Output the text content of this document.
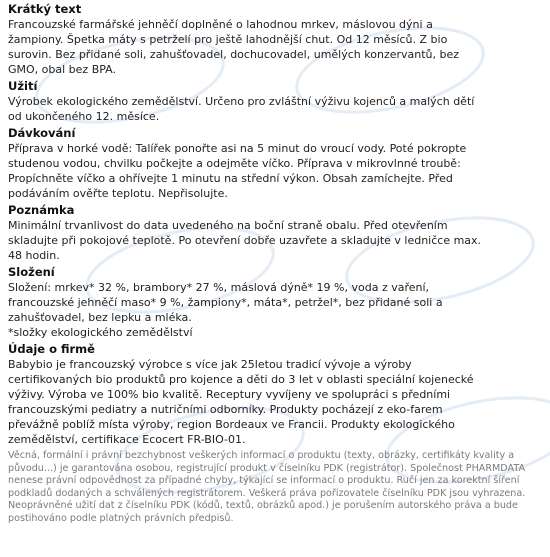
Krátký text
Francouzské farmářské jehněčí doplněné o lahodnou mrkev, máslovou dýni a
žampiony. Špetka máty s petrželí pro ještě lahodnější chut. Od 12 měsíců. Z bio
surovin. Bez přidané soli, zahušťovadel, dochucovadel, umělých konzervantů, bez
GMO, obal bez BPA.
Užití
Výrobek ekologického zemědělství. Určeno pro zvláštní výživu kojenců a malých dětí
od ukončeného 12. měsíce.
Dávkování
Příprava v horké vodě: Talířek ponořte asi na 5 minut do vroucí vody. Poté pokropte
studenou vodou, chvilku počkejte a odejměte víčko. Příprava v mikrovlnné troubě:
Propíchněte víčko a ohřívejte 1 minutu na střední výkon. Obsah zamíchejte. Před
podáváním ověřte teplotu. Nepřisolujte.
Poznámka
Minimální trvanlivost do data uvedeného na boční straně obalu. Před otevřením
skladujte při pokojové teplotě. Po otevření dobře uzavřete a skladujte v ledničce max.
48 hodin.
Složení
Složení: mrkev* 32 %, brambory* 27 %, máslová dýně* 19 %, voda z vaření,
francouzské jehněčí maso* 9 %, žampiony*, máta*, petržel*, bez přidané soli a
zahušťovadel, bez lepku a mléka.
*složky ekologického zemědělství
Údaje o firmě
Babybio je francouzský výrobce s více jak 25letou tradicí vývoje a výroby
certifikovaných bio produktů pro kojence a děti do 3 let v oblasti speciální kojenecké
výživy. Výroba ve 100% bio kvalitě. Receptury vyvíjeny ve spolupráci s předními
francouzskými pediatry a nutričními odborníky. Produkty pocházejí z eko-farem
převážně poblíž místa výroby, region Bordeaux ve Francii. Produkty ekologického
zemědělství, certifikace Ecocert FR-BIO-01.
Věcná, formální i právní bezchybnost veškerých informací o produktu (texty, obrázky, certifikáty kvality a
původu...) je garantována osobou, registrující produkt v číselníku PDK (registrátor). Společnost PHARMDATA
nenese právní odpovědnost za případné chyby, týkající se informací o produktu. Ručí jen za korektní šíření
podkladů dodaných a schválených registrátorem. Veškerá práva pořizovatele číselníku PDK jsou vyhrazena.
Neoprávněné užití dat z číselníku PDK (kódů, textů, obrázků apod.) je porušením autorského práva a bude
postihováno podle platných právních předpisů.
